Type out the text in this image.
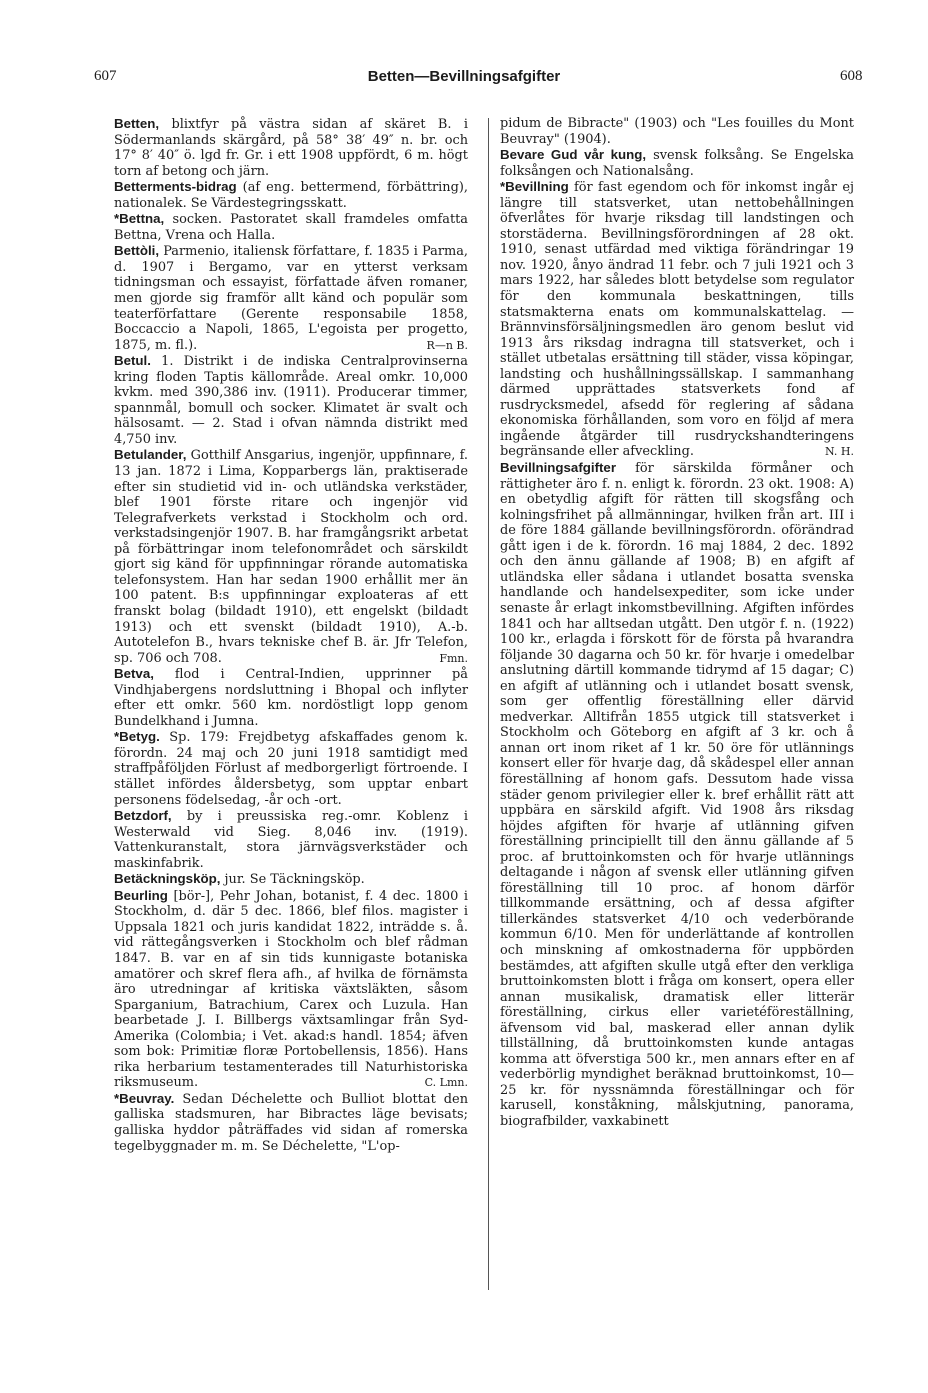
607	Betten—Bevillningsafgifter	608

Betten, blixtfyr på västra sidan af skäret B. i Södermanlands skärgård, på 58° 38′ 49″ n. br. och 17° 8′ 40″ ö. lgd fr. Gr. i ett 1908 uppfördt, 6 m. högt torn af betong och järn.

Betterments-bidrag (af eng. bettermend, förbättring), nationalek. Se Värdestegringsskatt.

*Bettna, socken. Pastoratet skall framdeles omfatta Bettna, Vrena och Halla.

Bettòli, Parmenio, italiensk författare, f. 1835 i Parma, d. 1907 i Bergamo, var en ytterst verksam tidningsman och essayist, författade äfven romaner, men gjorde sig framför allt känd och populär som teaterförfattare (Gerente responsabile 1858, Boccaccio a Napoli, 1865, L'egoista per progetto, 1875, m. fl.).	R—n B.

Betul. 1. Distrikt i de indiska Centralprovinserna kring floden Taptis källområde. Areal omkr. 10,000 kvkm. med 390,386 inv. (1911). Producerar timmer, spannmål, bomull och socker. Klimatet är svalt och hälsosamt. — 2. Stad i ofvan nämnda distrikt med 4,750 inv.

Betulander, Gotthilf Ansgarius, ingenjör, uppfinnare, f. 13 jan. 1872 i Lima, Kopparbergs län, praktiserade efter sin studietid vid in- och utländska verkstäder, blef 1901 förste ritare och ingenjör vid Telegrafverkets verkstad i Stockholm och ord. verkstadsingenjör 1907. B. har framgångsrikt arbetat på förbättringar inom telefonområdet och särskildt gjort sig känd för uppfinningar rörande automatiska telefonsystem. Han har sedan 1900 erhållit mer än 100 patent. B:s uppfinningar exploateras af ett franskt bolag (bildadt 1910), ett engelskt (bildadt 1913) och ett svenskt (bildadt 1910), A.-b. Autotelefon B., hvars tekniske chef B. är. Jfr Telefon, sp. 706 och 708.	Fmn.

Betva, flod i Central-Indien, upprinner på Vindhjabergens nordsluttning i Bhopal och inflyter efter ett omkr. 560 km. nordöstligt lopp genom Bundelkhand i Jumna.

*Betyg. Sp. 179: Frejdbetyg afskaffades genom k. förordn. 24 maj och 20 juni 1918 samtidigt med straffpåföljden Förlust af medborgerligt förtroende. I stället infördes åldersbetyg, som upptar enbart personens födelsedag, -år och -ort.

Betzdorf, by i preussiska reg.-omr. Koblenz i Westerwald vid Sieg. 8,046 inv. (1919). Vattenkuranstalt, stora järnvägsverkstäder och maskinfabrik.

Betäckningsköp, jur. Se Täckningsköp.

Beurling [bör-], Pehr Johan, botanist, f. 4 dec. 1800 i Stockholm, d. där 5 dec. 1866, blef filos. magister i Uppsala 1821 och juris kandidat 1822, inträdde s. å. vid rättegångsverken i Stockholm och blef rådman 1847. B. var en af sin tids kunnigaste botaniska amatörer och skref flera afh., af hvilka de förnämsta äro utredningar af kritiska växtsläkten, såsom Sparganium, Batrachium, Carex och Luzula. Han bearbetade J. I. Billbergs växtsamlingar från Syd-Amerika (Colombia; i Vet. akad:s handl. 1854; äfven som bok: Primitiæ floræ Portobellensis, 1856). Hans rika herbarium testamenterades till Naturhistoriska riksmuseum.	C. Lmn.

*Beuvray. Sedan Déchelette och Bulliot blottat den galliska stadsmuren, har Bibractes läge bevisats; galliska hyddor påträffades vid sidan af romerska tegelbyggnader m. m. Se Déchelette, "L'op-

pidum de Bibracte" (1903) och "Les fouilles du Mont Beuvray" (1904).

Bevare Gud vår kung, svensk folksång. Se Engelska folksången och Nationalsång.

*Bevillning för fast egendom och för inkomst ingår ej längre till statsverket, utan nettobehållningen öfverlåtes för hvarje riksdag till landstingen och storstäderna. Bevillningsförordningen af 28 okt. 1910, senast utfärdad med viktiga förändringar 19 nov. 1920, ånyo ändrad 11 febr. och 7 juli 1921 och 3 mars 1922, har således blott betydelse som regulator för den kommunala beskattningen, tills statsmakterna enats om kommunalskattelag. — Brännvinsförsäljningsmedlen äro genom beslut vid 1913 års riksdag indragna till statsverket, och i stället utbetalas ersättning till städer, vissa köpingar, landsting och hushållningssällskap. I sammanhang därmed upprättades statsverkets fond af rusdrycksmedel, afsedd för reglering af sådana ekonomiska förhållanden, som voro en följd af mera ingående åtgärder till rusdryckshandteringens begränsande eller afveckling.	N. H.

Bevillningsafgifter för särskilda förmåner och rättigheter äro f. n. enligt k. förordn. 23 okt. 1908: A) en obetydlig afgift för rätten till skogsfång och kolningsfrihet på allmänningar, hvilken från art. III i de före 1884 gällande bevillningsförordn. oförändrad gått igen i de k. förordn. 16 maj 1884, 2 dec. 1892 och den ännu gällande af 1908; B) en afgift af utländska eller sådana i utlandet bosatta svenska handlande och handelsexpediter, som icke under senaste år erlagt inkomstbevillning. Afgiften infördes 1841 och har alltsedan utgått. Den utgör f. n. (1922) 100 kr., erlagda i förskott för de första på hvarandra följande 30 dagarna och 50 kr. för hvarje i omedelbar anslutning därtill kommande tidrymd af 15 dagar; C) en afgift af utlänning och i utlandet bosatt svensk, som ger offentlig föreställning eller därvid medverkar. Alltifrån 1855 utgick till statsverket i Stockholm och Göteborg en afgift af 3 kr. och å annan ort inom riket af 1 kr. 50 öre för utlännings konsert eller för hvarje dag, då skådespel eller annan föreställning af honom gafs. Dessutom hade vissa städer genom privilegier eller k. bref erhållit rätt att uppbära en särskild afgift. Vid 1908 års riksdag höjdes afgiften för hvarje af utlänning gifven föreställning principiellt till den ännu gällande af 5 proc. af bruttoinkomsten och för hvarje utlännings deltagande i någon af svensk eller utlänning gifven föreställning till 10 proc. af honom därför tillkommande ersättning, och af dessa afgifter tillerkändes statsverket 4/10 och vederbörande kommun 6/10. Men för underlättande af kontrollen och minskning af omkostnaderna för uppbörden bestämdes, att afgiften skulle utgå efter den verkliga bruttoinkomsten blott i fråga om konsert, opera eller annan musikalisk, dramatisk eller litterär föreställning, cirkus eller varietéföreställning, äfvensom vid bal, maskerad eller annan dylik tillställning, då bruttoinkomsten kunde antagas komma att öfverstiga 500 kr., men annars efter en af vederbörlig myndighet beräknad bruttoinkomst, 10—25 kr. för nyssnämnda föreställningar och för karusell, konståkning, målskjutning, panorama, biografbilder, vaxkabinett
